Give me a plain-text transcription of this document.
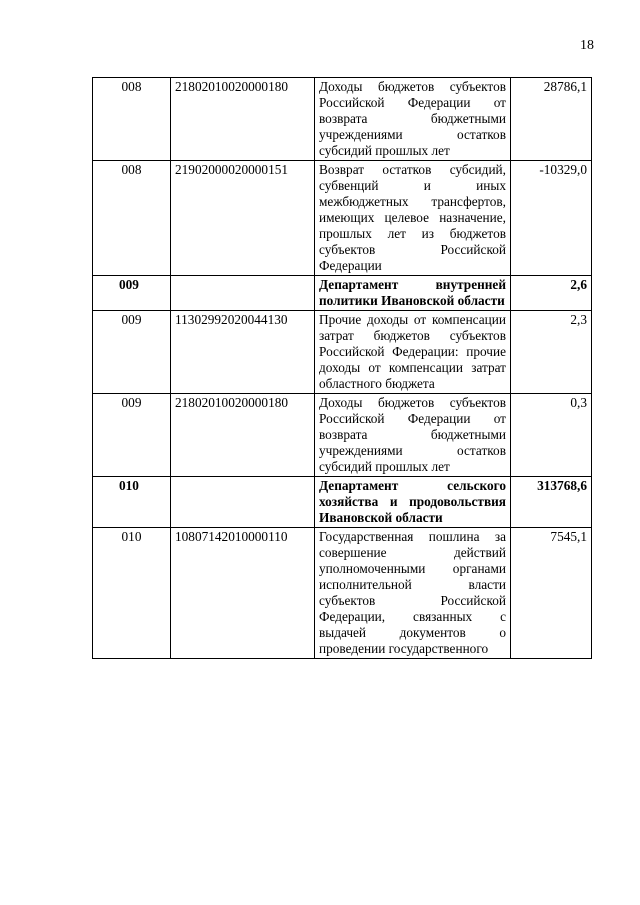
18
008	21802010020000180	Доходы бюджетов субъектов Российской Федерации от возврата бюджетными учреждениями остатков субсидий прошлых лет	28786,1
008	21902000020000151	Возврат остатков субсидий, субвенций и иных межбюджетных трансфертов, имеющих целевое назначение, прошлых лет из бюджетов субъектов Российской Федерации	-10329,0
009		Департамент внутренней политики Ивановской области	2,6
009	11302992020044130	Прочие доходы от компенсации затрат бюджетов субъектов Российской Федерации: прочие доходы от компенсации затрат областного бюджета	2,3
009	21802010020000180	Доходы бюджетов субъектов Российской Федерации от возврата бюджетными учреждениями остатков субсидий прошлых лет	0,3
010		Департамент сельского хозяйства и продовольствия Ивановской области	313768,6
010	10807142010000110	Государственная пошлина за совершение действий уполномоченными органами исполнительной власти субъектов Российской Федерации, связанных с выдачей документов о проведении государственного	7545,1
